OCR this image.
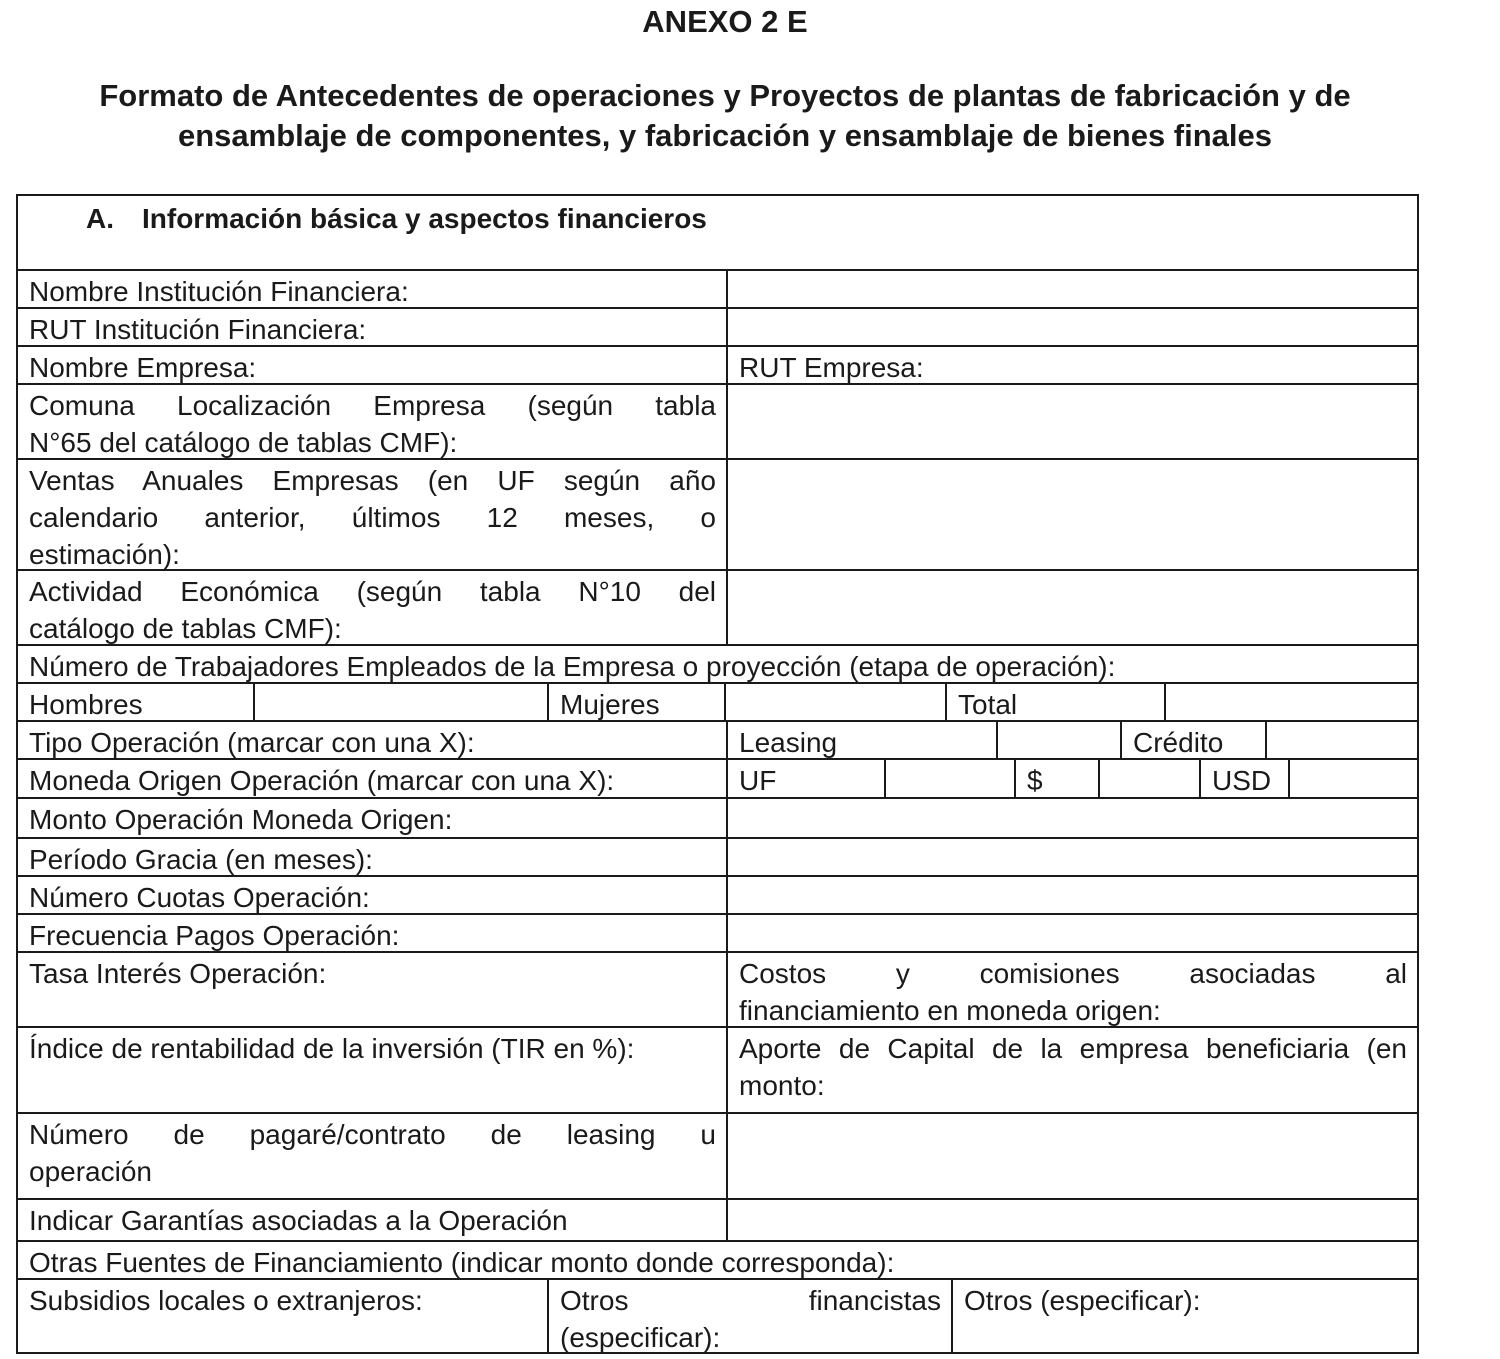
ANEXO 2 E
Formato de Antecedentes de operaciones y Proyectos de plantas de fabricación y de
ensamblaje de componentes, y fabricación y ensamblaje de bienes finales
A. Información básica y aspectos financieros
Nombre Institución Financiera:
RUT Institución Financiera:
Nombre Empresa:	RUT Empresa:
Comuna Localización Empresa (según tabla
N°65 del catálogo de tablas CMF):
Ventas Anuales Empresas (en UF según año
calendario anterior, últimos 12 meses, o
estimación):
Actividad Económica (según tabla N°10 del
catálogo de tablas CMF):
Número de Trabajadores Empleados de la Empresa o proyección (etapa de operación):
Hombres	Mujeres	Total
Tipo Operación (marcar con una X):	Leasing	Crédito
Moneda Origen Operación (marcar con una X):	UF	$	USD
Monto Operación Moneda Origen:
Período Gracia (en meses):
Número Cuotas Operación:
Frecuencia Pagos Operación:
Tasa Interés Operación:	Costos y comisiones asociadas al
financiamiento en moneda origen:
Índice de rentabilidad de la inversión (TIR en %):	Aporte de Capital de la empresa beneficiaria (en
monto:
Número de pagaré/contrato de leasing u
operación
Indicar Garantías asociadas a la Operación
Otras Fuentes de Financiamiento (indicar monto donde corresponda):
Subsidios locales o extranjeros:	Otros financistas
(especificar):
Otros (especificar):
